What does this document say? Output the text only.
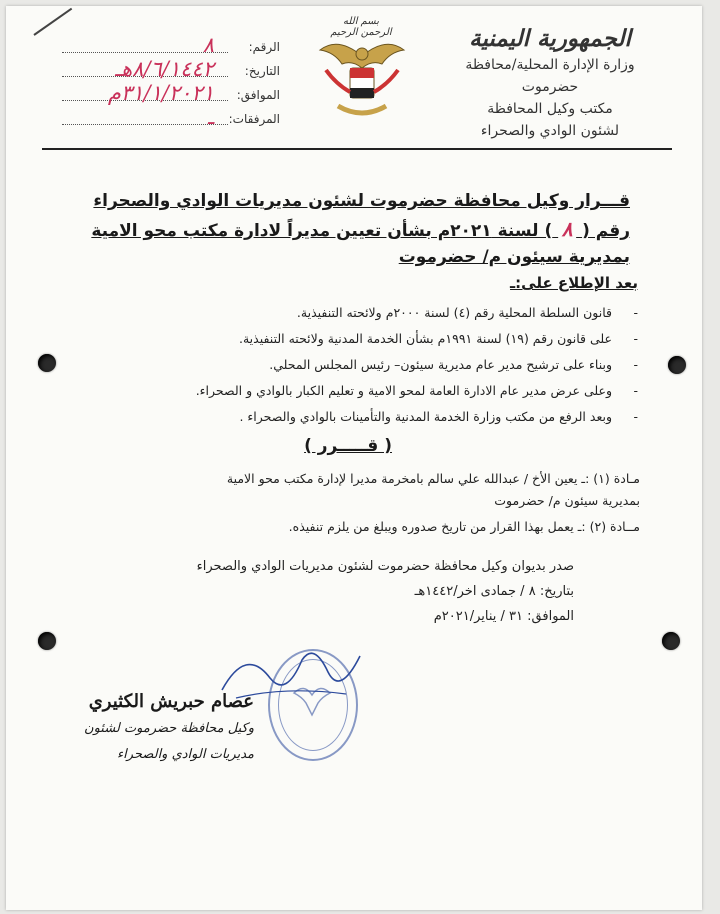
الجمهورية اليمنية
وزارة الإدارة المحلية/محافظة حضرموت
مكتب وكيل المحافظة
لشئون الوادي والصحراء
بسم الله الرحمن الرحيم
الرقم:
٨
التاريخ:
٨/٦/١٤٤٢هـ
الموافق:
٣١/١/٢٠٢١م
المرفقات:
ـ
قـــرار وكيل محافظة حضرموت لشئون مديريات الوادي والصحراء
رقم ( ٨ ) لسنة ٢٠٢١م بشأن تعيين مديراً لادارة مكتب محو الامية
بمديرية سيئون م/ حضرموت
بعد الإطلاع على:ـ
-
قانون السلطة المحلية رقم (٤) لسنة ٢٠٠٠م ولائحته التنفيذية.
-
على قانون رقم (١٩) لسنة ١٩٩١م بشأن الخدمة المدنية ولائحته التنفيذية.
-
وبناء على ترشيح مدير عام مديرية سيئون– رئيس المجلس المحلي.
-
وعلى عرض مدير عام الادارة العامة لمحو الامية و تعليم الكبار بالوادي و الصحراء.
-
وبعد الرفع من مكتب وزارة الخدمة المدنية والتأمينات بالوادي والصحراء .
( قـــــرر )
مـادة (١) :ـ يعين الأخ / عبدالله علي سالم بامخرمة مديرا لإدارة مكتب محو الامية
بمديرية سيئون م/ حضرموت
مــادة (٢) :ـ يعمل بهذا القرار من تاريخ صدوره ويبلغ من يلزم تنفيذه.
صدر بديوان وكيل محافظة حضرموت لشئون مديريات الوادي والصحراء
بتاريخ: ٨ / جمادى اخر/١٤٤٢هـ
الموافق: ٣١ / يناير/٢٠٢١م
عصام حبريش الكثيري
وكيل محافظة حضرموت لشئون
مديريات الوادي والصحراء
